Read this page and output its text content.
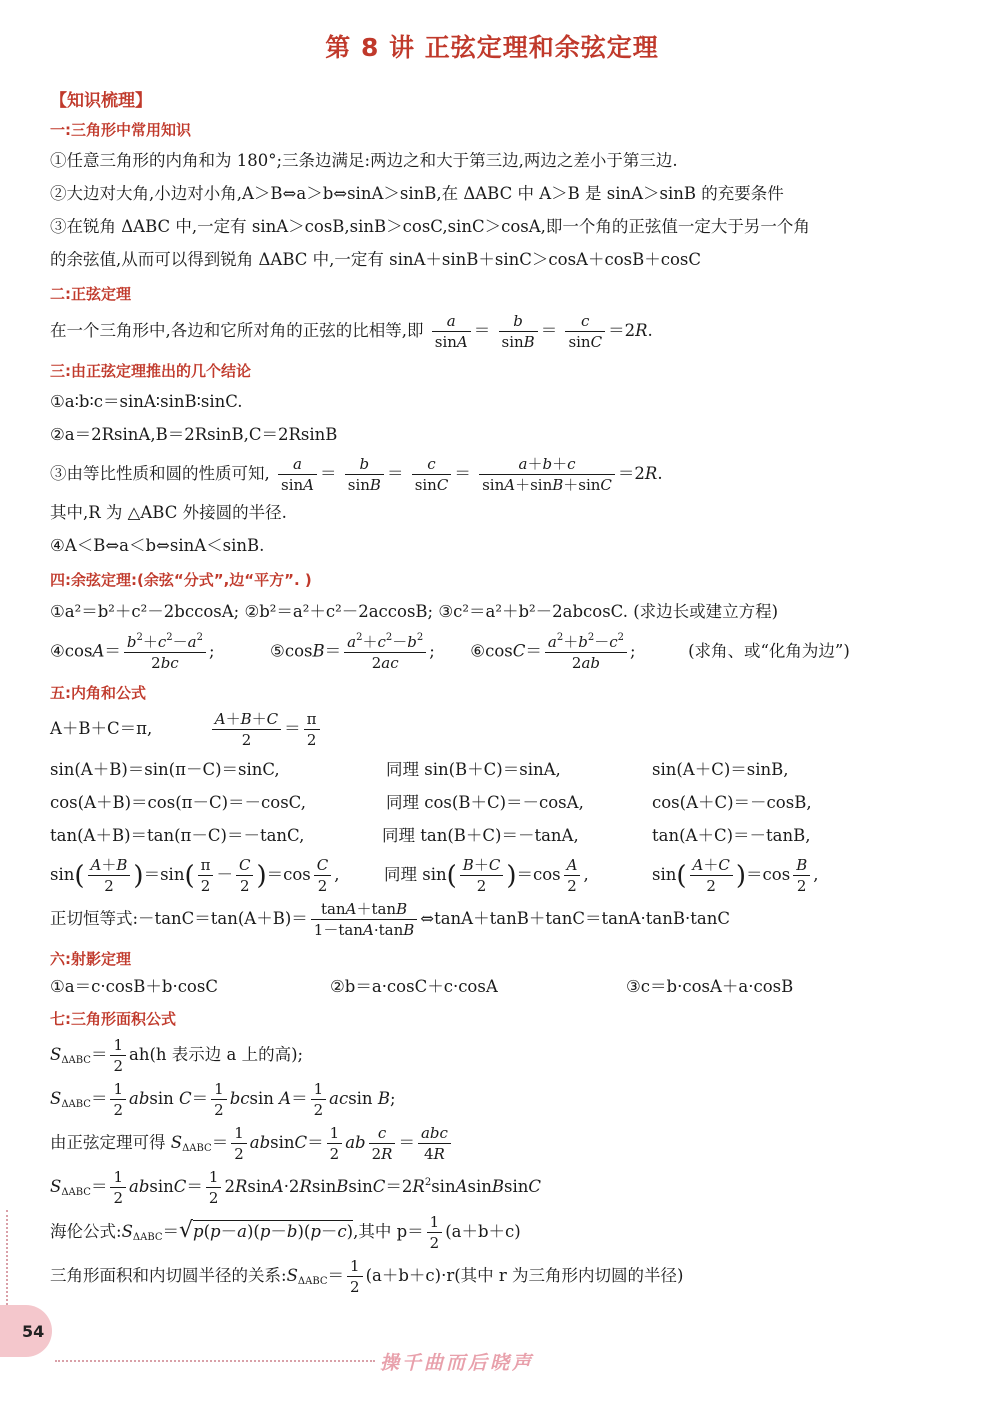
第 8 讲 正弦定理和余弦定理
【知识梳理】
一:三角形中常用知识
①任意三角形的内角和为 180°;三条边满足:两边之和大于第三边,两边之差小于第三边.
②大边对大角,小边对小角,A＞B⇔a＞b⇔sinA＞sinB,在 ΔABC 中 A＞B 是 sinA＞sinB 的充要条件
③在锐角 ΔABC 中,一定有 sinA＞cosB,sinB＞cosC,sinC＞cosA,即一个角的正弦值一定大于另一个角
的余弦值,从而可以得到锐角 ΔABC 中,一定有 sinA＋sinB＋sinC＞cosA＋cosB＋cosC
二:正弦定理
在一个三角形中,各边和它所对角的正弦的比相等,即 $\frac{a}{\sin A} = \frac{b}{\sin B} = \frac{c}{\sin C} =2R$.
三:由正弦定理推出的几个结论
①a∶b∶c＝sinA∶sinB∶sinC.
②a＝2RsinA,B＝2RsinB,C＝2RsinB
③由等比性质和圆的性质可知, $\frac{a}{\sin A} = \frac{b}{\sin B} = \frac{c}{\sin C} = \frac{a+b+c}{\sin A+\sin B+\sin C} =2R$.
其中,R 为 △ABC 外接圆的半径.
④A＜B⇔a＜b⇔sinA＜sinB.
四:余弦定理:(余弦“分式”,边“平方”. )
①a²＝b²＋c²－2bccosA; ②b²＝a²＋c²－2accosB; ③c²＝a²＋b²－2abcosC. (求边长或建立方程)
④cosA＝ $\frac{b^2+c^2-a^2}{2bc}$ ;	⑤cosB＝ $\frac{a^2+c^2-b^2}{2ac}$ ;  ⑥cosC＝ $\frac{a^2+b^2-c^2}{2ab}$ ;	(求角、或“化角为边”)
五:内角和公式
A＋B＋C＝π,	$\frac{A+B+C}{2} = \frac{\pi}{2}$
sin(A＋B)＝sin(π－C)＝sinC,	同理 sin(B＋C)＝sinA,	sin(A＋C)＝sinB,
cos(A＋B)＝cos(π－C)＝－cosC,	同理 cos(B＋C)＝－cosA,	cos(A＋C)＝－cosB,
tan(A＋B)＝tan(π－C)＝－tanC,	同理 tan(B＋C)＝－tanA,	tan(A＋C)＝－tanB,
$\sin( \frac{A+B}{2} )=\sin( \frac{\pi}{2} - \frac{C}{2} )=\cos \frac{C}{2}$ ,	同理 $\sin( \frac{B+C}{2} )=\cos \frac{A}{2}$ ,	$\sin( \frac{A+C}{2} )=\cos \frac{B}{2}$ ,
正切恒等式:－tanC＝tan(A＋B)＝ $\frac{\tan A+\tan B}{1-\tan A\cdot\tan B}$ ⇔tanA＋tanB＋tanC＝tanA·tanB·tanC
六:射影定理
①a＝c·cosB＋b·cosC	②b＝a·cosC＋c·cosA	③c＝b·cosA＋a·cosB
七:三角形面积公式
$S_{\Delta ABC}= \frac{1}{2} ah(h$ 表示边 a 上的高);
$S_{\Delta ABC}= \frac{1}{2}$ absin $C= \frac{1}{2}$ bcsin $A= \frac{1}{2}$ acsin B;
由正弦定理可得 $S_{\Delta ABC}= \frac{1}{2} absinC= \frac{1}{2}$ ab $\frac{c}{2R} = \frac{\text{abc}}{4R}$
$S_{\Delta ABC}= \frac{1}{2} absinC= \frac{1}{2}$ $2RsinA\cdot 2RsinBsinC=2R^2sinAsinBsinC$
海伦公式$:S_{\Delta ABC}=√p(p-a)(p-b)(p-c)$,其中 $p= \frac{1}{2} (a+b+c)$
三角形面积和内切圆半径的关系$:S_{\Delta ABC}= \frac{1}{2} (a+b+c)\cdot r$(其中 r 为三角形内切圆的半径)
54
操千曲而后晓声
